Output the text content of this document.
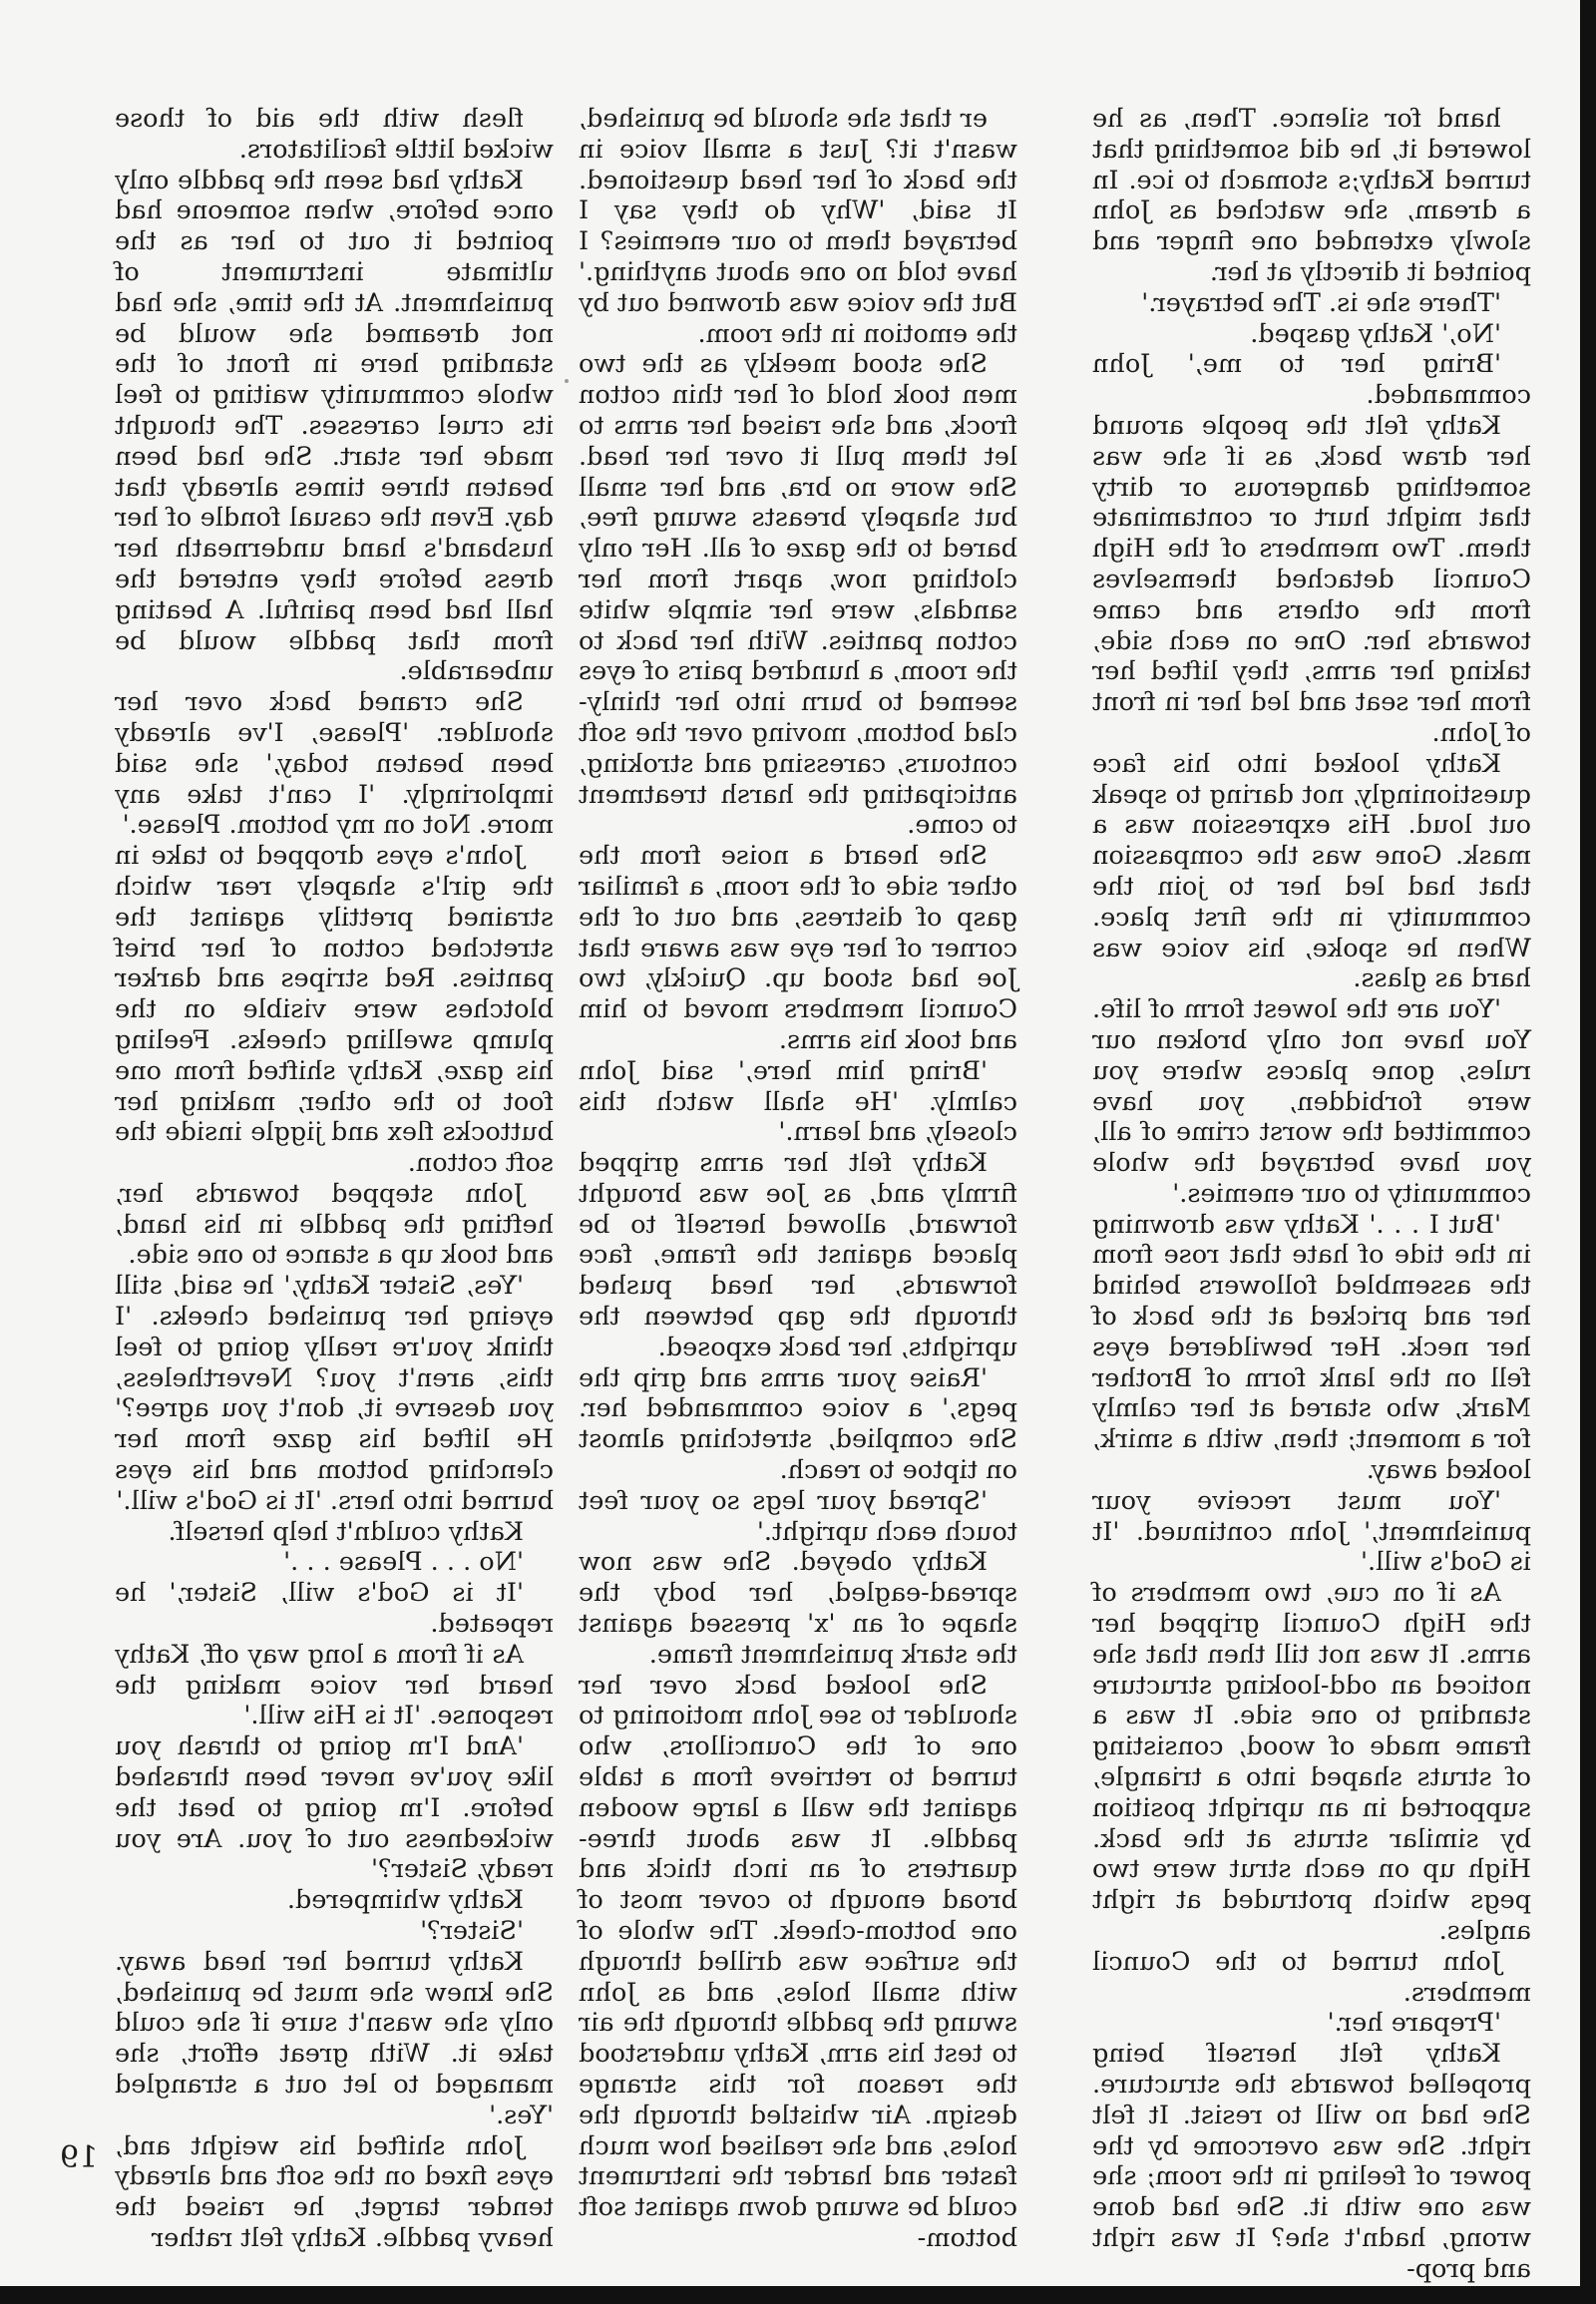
hand for silence. Then, as he lowered it, he did something that turned Kathy;s stomach to ice. In a dream, she watched as John slowly extended one finger and pointed it directly at her.

'There she is. The betrayer.'

'No,' Kathy gasped.

'Bring her to me,' John commanded.

Kathy felt the people around her draw back, as if she was something dangerous or dirty that might hurt or contaminate them. Two members of the High Council detached themselves from the others and came towards her. One on each side, taking her arms, they lifted her from her seat and led her in front of John.

Kathy looked into his face questioningly, not daring to speak out loud. His expression was a mask. Gone was the compassion that had led her to join the community in the first place. When he spoke, his voice was hard as glass.

'You are the lowest form of life. You have not only broken our rules, gone places where you were forbidden, you have committed the worst crime of all, you have betrayed the whole community to our enemies.'

'But I . . .' Kathy was drowning in the tide of hate that rose from the assembled followers behind her and pricked at the back of her neck. Her bewildered eyes fell on the lank form of Brother Mark, who stared at her calmly for a moment; then, with a smirk, looked away.

'You must receive your punishment,' John continued. 'It is God's will.'

As if on cue, two members of the High Council gripped her arms. It was not till then that she noticed an odd-looking structure standing to one side. It was a frame made of wood, consisting of struts shaped into a triangle, supported in an upright position by similar struts at the back. High up on each strut were two pegs which protruded at right angles.

John turned to the Council members.

'Prepare her.'

Kathy felt herself being propelled towards the structure. She had no will to resist. It felt right. She was overcome by the power of feeling in the room; she was one with it. She had done wrong, hadn't she? It was right and prop-

er that she should be punished, wasn't it? Just a small voice in the back of her head questioned. It said, 'Why do they say I betrayed them to our enemies? I have told no one about anything.' But the voice was drowned out by the emotion in the room.

She stood meekly as the two men took hold of her thin cotton frock, and she raised her arms to let them pull it over her head. She wore no bra, and her small but shapely breasts swung free, bared to the gaze of all. Her only clothing now, apart from her sandals, were her simple white cotton panties. With her back to the room, a hundred pairs of eyes seemed to burn into her thinly-clad bottom, moving over the soft contours, caressing and stroking, anticipating the harsh treatment to come.

She heard a noise from the other side of the room, a familiar gasp of distress, and out of the corner of her eye was aware that Joe had stood up. Quickly, two Council members moved to him and took his arms.

'Bring him here,' said John calmly. 'He shall watch this closely, and learn.'

Kathy felt her arms gripped firmly and, as Joe was brought forward, allowed herself to be placed against the frame, face forwards, her head pushed through the gap between the uprights, her back exposed.

'Raise your arms and grip the pegs,' a voice commanded her. She complied, stretching almost on tiptoe to reach.

'Spread your legs so your feet touch each upright.'

Kathy obeyed. She was now spread-eagled, her body the shape of an 'x' pressed against the stark punishment frame.

She looked back over her shoulder to see John motioning to one of the Councillors, who turned to retrieve from a table against the wall a large wooden paddle. It was about three-quarters of an inch thick and broad enough to cover most of one bottom-cheek. The whole of the surface was drilled through with small holes, and as John swung the paddle through the air to test his arm, Kathy understood the reason for this strange design. Air whistled through the holes, and she realised how much faster and harder the instrument could be swung down against soft bottom-

flesh with the aid of those wicked little facilitators.

Kathy had seen the paddle only once before, when someone had pointed it out to her as the ultimate instrument of punishment. At the time, she had not dreamed she would be standing here in front of the whole community waiting to feel its cruel caresses. The thought made her start. She had been beaten three times already that day. Even the casual fondle of her husband's hand underneath her dress before they entered the hall had been painful. A beating from that paddle would be unbearable.

She craned back over her shoulder. 'Please, I've already been beaten today,' she said imploringly. 'I can't take any more. Not on my bottom. Please.'

John's eyes dropped to take in the girl's shapely rear which strained prettily against the stretched cotton of her brief panties. Red stripes and darker blotches were visible on the plump swelling cheeks. Feeling his gaze, Kathy shifted from one foot to the other, making her buttocks flex and jiggle inside the soft cotton.

John stepped towards her, hefting the paddle in his hand, and took up a stance to one side.

'Yes, Sister Kathy,' he said, still eyeing her punished cheeks. 'I think you're really going to feel this, aren't you? Nevertheless, you deserve it, don't you agree?' He lifted his gaze from her clenching bottom and his eyes burned into hers. 'It is God's will.'

Kathy couldn't help herself.

'No . . . Please . . .'

'It is God's will, Sister,' he repeated.

As if from a long way off, Kathy heard her voice making the response. 'It is His will.'

'And I'm going to thrash you like you've never been thrashed before. I'm going to beat the wickedness out of you. Are you ready, Sister?'

Kathy whimpered.

'Sister?'

Kathy turned her head away. She knew she must be punished, only she wasn't sure if she could take it. With great effort, she managed to let out a strangled 'Yes.'

John shifted his weight and, eyes fixed on the soft and already tender target, he raised the heavy paddle. Kathy felt rather

19
